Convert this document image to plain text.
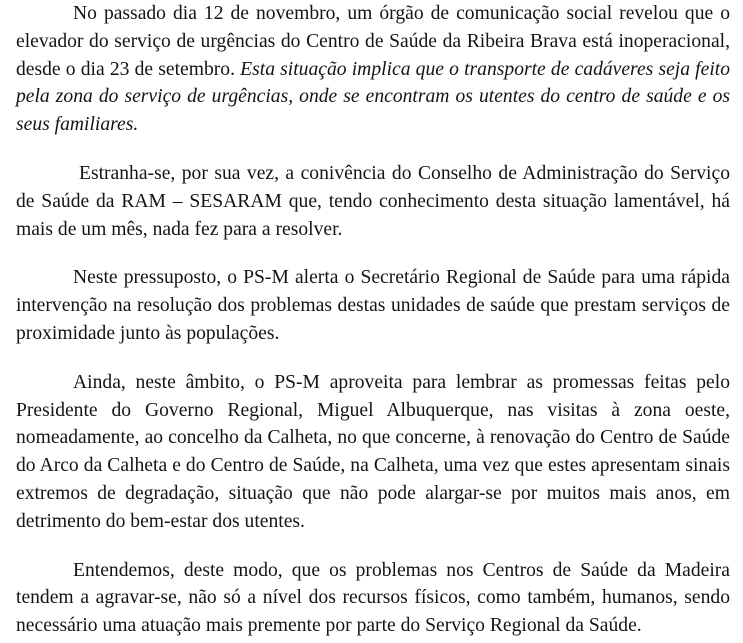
No passado dia 12 de novembro, um órgão de comunicação social revelou que o elevador do serviço de urgências do Centro de Saúde da Ribeira Brava está inoperacional, desde o dia 23 de setembro. Esta situação implica que o transporte de cadáveres seja feito pela zona do serviço de urgências, onde se encontram os utentes do centro de saúde e os seus familiares.

Estranha-se, por sua vez, a conivência do Conselho de Administração do Serviço de Saúde da RAM – SESARAM que, tendo conhecimento desta situação lamentável, há mais de um mês, nada fez para a resolver.

Neste pressuposto, o PS-M alerta o Secretário Regional de Saúde para uma rápida intervenção na resolução dos problemas destas unidades de saúde que prestam serviços de proximidade junto às populações.

Ainda, neste âmbito, o PS-M aproveita para lembrar as promessas feitas pelo Presidente do Governo Regional, Miguel Albuquerque, nas visitas à zona oeste, nomeadamente, ao concelho da Calheta, no que concerne, à renovação do Centro de Saúde do Arco da Calheta e do Centro de Saúde, na Calheta, uma vez que estes apresentam sinais extremos de degradação, situação que não pode alargar-se por muitos mais anos, em detrimento do bem-estar dos utentes.

Entendemos, deste modo, que os problemas nos Centros de Saúde da Madeira tendem a agravar-se, não só a nível dos recursos físicos, como também, humanos, sendo necessário uma atuação mais premente por parte do Serviço Regional da Saúde.
